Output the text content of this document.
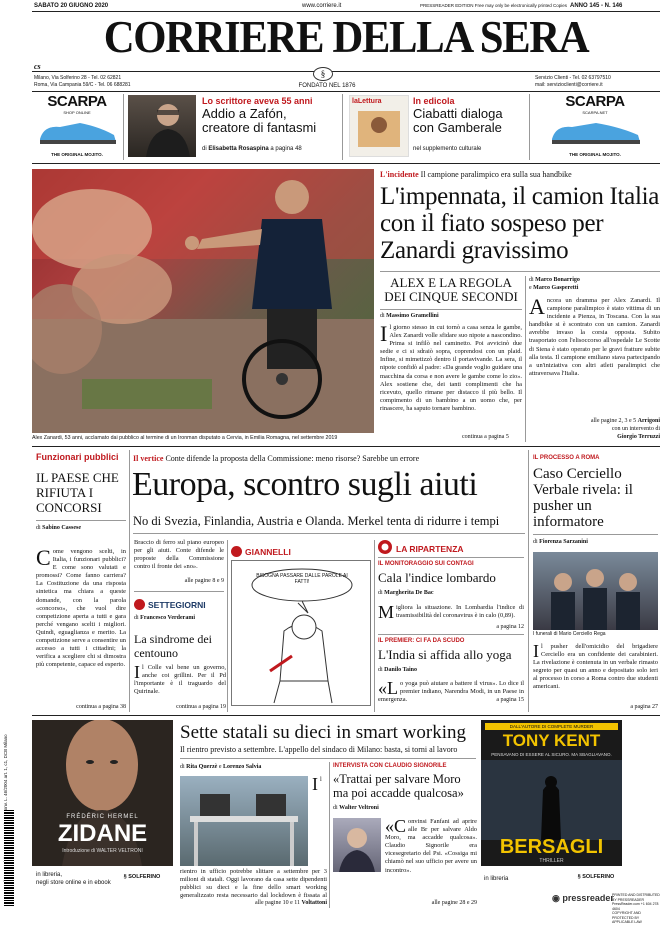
SABATO 20 GIUGNO 2020	www.corriere.it	PRESSREADER EDITION Free may only be electronically printed Copies ANNO 145 - N. 146
CORRIERE DELLA SERA
cs
Milano, Via Solferino 28 - Tel. 02 62821
Roma, Via Campania 59/C - Tel. 06 688281
§
FONDATO NEL 1876
Servizio Clienti - Tel. 02 63797510
mail: servizioclienti@corriere.it
SCARPA
SHOP ONLINE
THE ORIGINAL MOJITO.
Lo scrittore aveva 55 anni
Addio a Zafón, creatore di fantasmi
di Elisabetta Rosaspina a pagina 48
laLettura	In edicola
Ciabatti dialoga con Gamberale
nel supplemento culturale
SCARPA
SCARPA.NET
THE ORIGINAL MOJITO.
Alex Zanardi, 53 anni, acclamato dai pubblico al termine di un Ironman disputato a Cervia, in Emilia Romagna, nel settembre 2019
L'incidente Il campione paralimpico era sulla sua handbike
L'impennata, il camion Italia con il fiato sospeso per Zanardi gravissimo
ALEX E LA REGOLA DEI CINQUE SECONDI
di Massimo Gramellini
Il giorno stesso in cui tornò a casa senza le gambe, Alex Zanardi volle sfidare suo nipote a nascondino. Prima si infilò nel caminetto. Poi avvicinò due sedie e ci si sdraiò sopra, coprendosi con un plaid. Infine, si mimetizzò dentro il portavivande. La sera, il nipote confidò al padre: «Da grande voglio guidare una macchina da corsa e non avere le gambe come lo zio». Alex sostiene che, dei tanti complimenti che ha ricevuto, quello rimane per distacco il più bello. Il compimento di un bambino a un uomo che, per rinascere, ha saputo tornare bambino.
continua a pagina 5
di Marco Bonarrigo
e Marco Gasperetti
Ancora un dramma per Alex Zanardi. Il campione paralimpico è stato vittima di un incidente a Pienza, in Toscana. Con la sua handbike si è scontrato con un camion. Zanardi avrebbe invaso la corsia opposta. Subito trasportato con l'elisoccorso all'ospedale Le Scotte di Siena è stato operato per le gravi fratture subite alla testa. Il campione emiliano stava partecipando a un'iniziativa con altri atleti paralimpici che attraversava l'Italia.
alle pagine 2, 3 e 5 Arrigoni
con un intervento di
Giorgio Terruzzi
Funzionari pubblici
IL PAESE CHE RIFIUTA I CONCORSI
di Sabino Cassese
Come vengono scelti, in Italia, i funzionari pubblici? E come sono valutati e promossi? Come fanno carriera? La Costituzione da una risposta sintetica ma chiara a queste domande, con la parola «concorso», che vuol dire competizione aperta a tutti e gara perché vengano scelti i migliori. Quindi, eguaglianza e merito. La competizione serve a consentire un accesso a tutti i cittadini; la verifica a scegliere chi si dimostra più competente, capace ed esperto.
continua a pagina 38
Il vertice Conte difende la proposta della Commissione: meno risorse? Sarebbe un errore
Europa, scontro sugli aiuti
No di Svezia, Finlandia, Austria e Olanda. Merkel tenta di ridurre i tempi
Braccio di ferro sul piano europeo per gli aiuti. Conte difende le proposte della Commissione contro il fronte dei «no».
alle pagine 8 e 9
SETTEGIORNI
di Francesco Verderami
La sindrome dei centouno
Il Colle val bene un governo, anche coi grillini. Per il Pd l'importante è il traguardo del Quirinale.
continua a pagina 19
GIANNELLI
BISOGNA PASSARE DALLE PAROLE AI FATTI!
LA RIPARTENZA
IL MONITORAGGIO SUI CONTAGI
Cala l'indice lombardo
di Margherita De Bac
Migliora la situazione. In Lombardia l'indice di trasmissibilità del coronavirus è in calo (0,89).
a pagina 12
IL PREMIER: CI FA DA SCUDO
L'India si affida allo yoga
di Danilo Taino
«Lo yoga può aiutare a battere il virus». Lo dice il premier indiano, Narendra Modi, in un Paese in emergenza.	a pagina 15
IL PROCESSO A ROMA
Caso Cerciello Verbale rivela: il pusher un informatore
di Fiorenza Sarzanini
I funerali di Mario Cerciello Rega
Il pusher dell'omicidio del brigadiere Cerciello era un confidente dei carabinieri. La rivelazione è contenuta in un verbale rimasto segreto per quasi un anno e depositato solo ieri al processo in corso a Roma contro due studenti americani.
a pagina 27
FRÉDÉRIC HERMEL
ZIDANE
Introduzione di WALTER VELTRONI
in libreria,
negli store online e in ebook
§ SOLFERINO
Sette statali su dieci in smart working
Il rientro previsto a settembre. L'appello del sindaco di Milano: basta, si torni al lavoro
di Rita Querzè e Lorenzo Salvia
Il rientro in ufficio potrebbe slittare a settembre per 3 milioni di statali. Oggi lavorano da casa sette dipendenti pubblici su dieci e la fine dello smart working generalizzato resta necessario dal lockdown è fissata al
alle pagine 10 e 11 Voltattoni
INTERVISTA CON CLAUDIO SIGNORILE
«Trattai per salvare Moro ma poi accadde qualcosa»
di Walter Veltroni
«Convinsi Fanfani ad aprire alle Br per salvare Aldo Moro, ma accadde qualcosa». Claudio Signorile era vicesegretario del Psi. «Cossiga mi chiamò nel suo ufficio per avere un incontro».
alle pagine 28 e 29
DALL'AUTORE DI COMPLETE MURDER
TONY KENT
PENSAVANO DI ESSERE AL SICURO. MA SBAGLIAVANO.
BERSAGLI
THRILLER
in libreria	§ SOLFERINO
◉ pressreader
PRINTED AND DISTRIBUTED BY PRESSREADER
PressReader.com +1 604 278 4604
COPYRIGHT AND PROTECTED BY APPLICABLE LAW
